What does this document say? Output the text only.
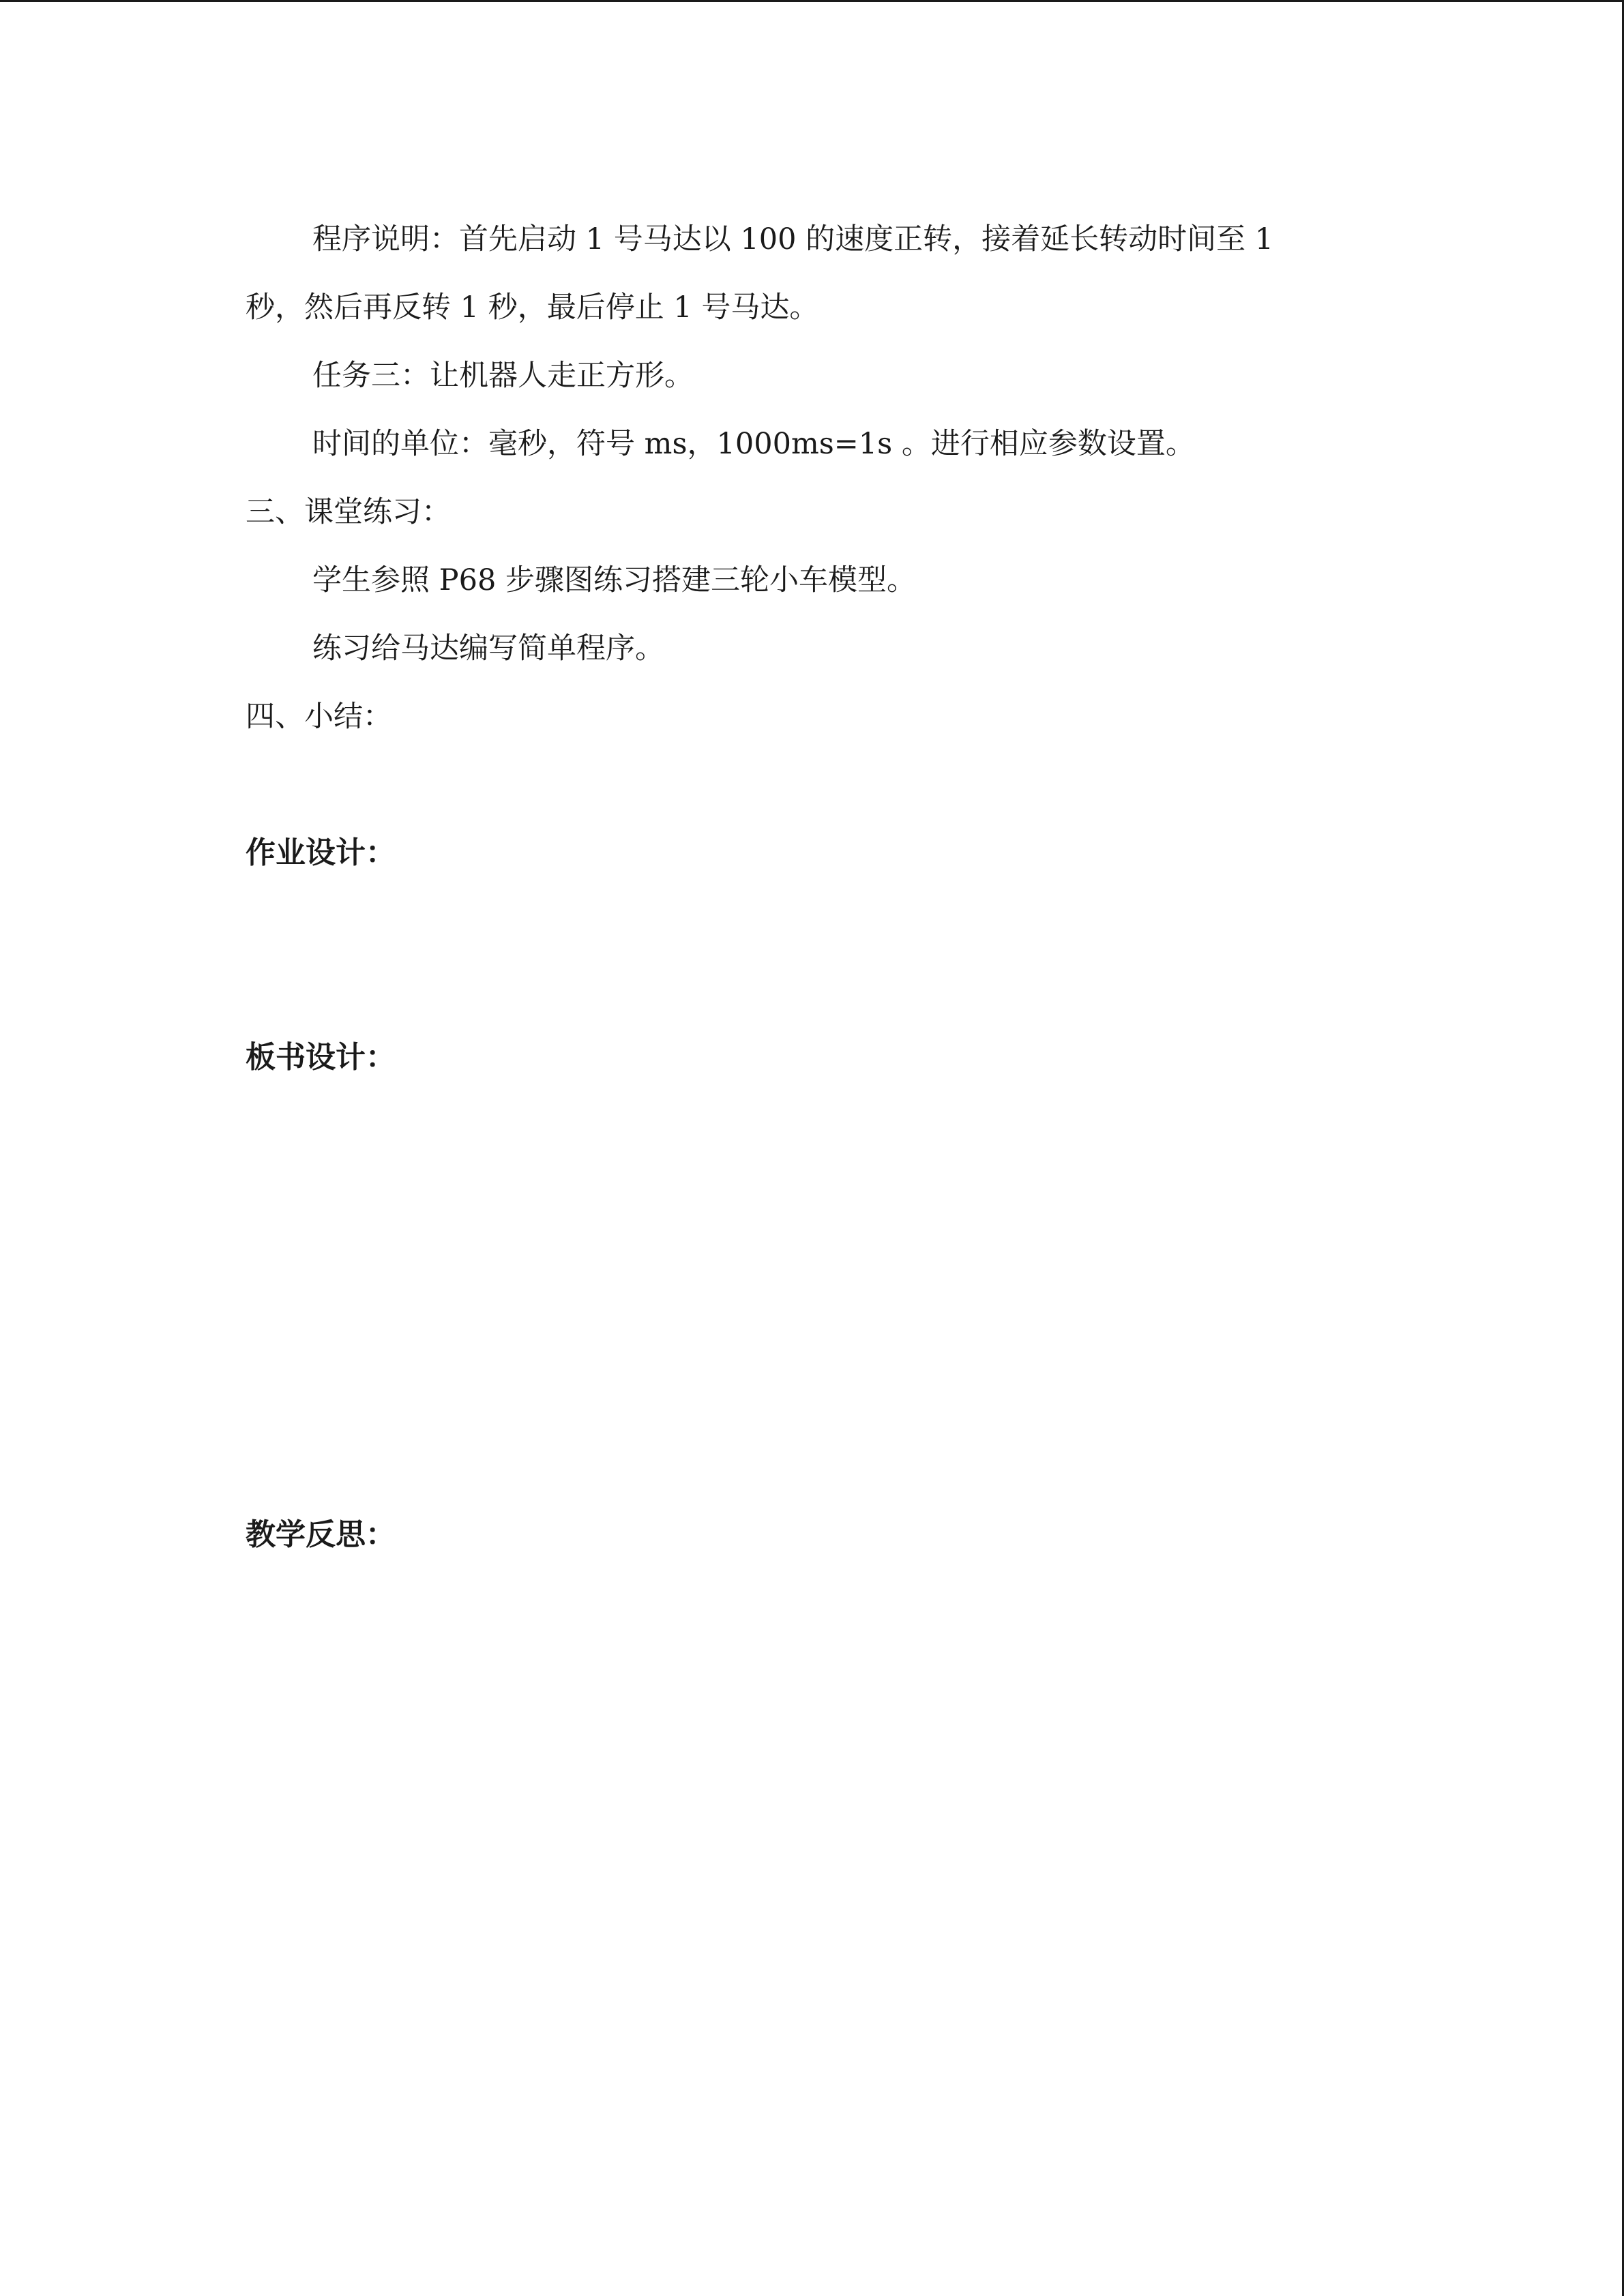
程序说明：首先启动 1 号马达以 100 的速度正转，接着延长转动时间至 1

秒，然后再反转 1 秒，最后停止 1 号马达。

任务三：让机器人走正方形。

时间的单位：毫秒，符号 ms，1000ms=1s 。进行相应参数设置。

三、课堂练习：

学生参照 P68 步骤图练习搭建三轮小车模型。

练习给马达编写简单程序。

四、小结：

作业设计：
板书设计：
教学反思：
